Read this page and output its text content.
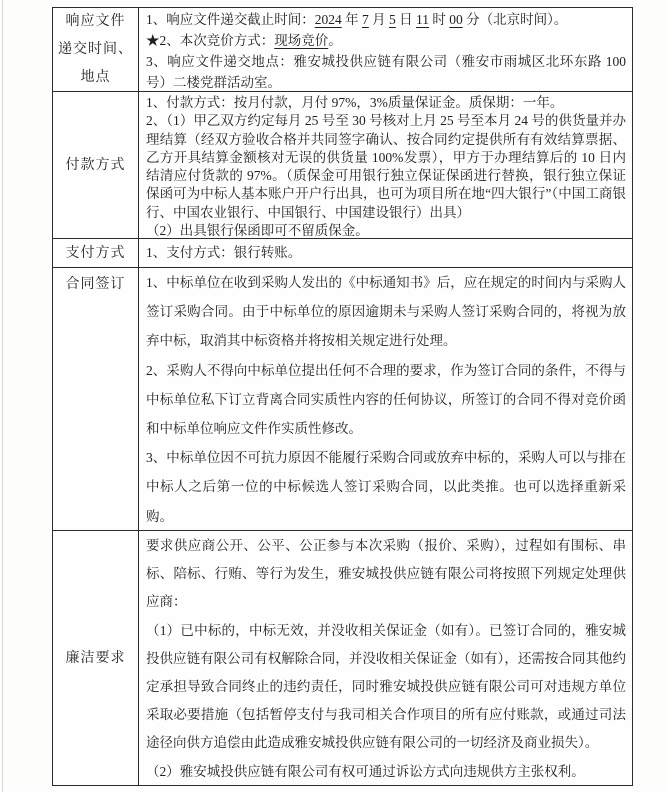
响应文件
递交时间、
地点

1、响应文件递交截止时间：2024 年 7 月 5 日 11 时 00 分（北京时间）。

★2、本次竞价方式：现场竞价。

3、响应文件递交地点：雅安城投供应链有限公司（雅安市雨城区北环东路 100 号）二楼党群活动室。

付款方式

1、付款方式：按月付款，月付 97%，3%质量保证金。质保期：一年。

2、（1）甲乙双方约定每月 25 号至 30 号核对上月 25 号至本月 24 号的供货量并办理结算（经双方验收合格并共同签字确认、按合同约定提供所有有效结算票据、乙方开具结算金额核对无误的供货量 100%发票），甲方于办理结算后的 10 日内结清应付货款的 97%。（质保金可用银行独立保证保函进行替换，银行独立保证保函可为中标人基本账户开户行出具，也可为项目所在地“四大银行”（中国工商银行、中国农业银行、中国银行、中国建设银行）出具）

（2）出具银行保函即可不留质保金。

支付方式 1、支付方式：银行转账。

合同签订 1、中标单位在收到采购人发出的《中标通知书》后，应在规定的时间内与采购人签订采购合同。由于中标单位的原因逾期未与采购人签订采购合同的，将视为放弃中标，取消其中标资格并将按相关规定进行处理。

2、采购人不得向中标单位提出任何不合理的要求，作为签订合同的条件，不得与中标单位私下订立背离合同实质性内容的任何协议，所签订的合同不得对竞价函和中标单位响应文件作实质性修改。

3、中标单位因不可抗力原因不能履行采购合同或放弃中标的，采购人可以与排在中标人之后第一位的中标候选人签订采购合同，以此类推。也可以选择重新采购。

廉洁要求

要求供应商公开、公平、公正参与本次采购（报价、采购），过程如有围标、串标、陪标、行贿、等行为发生，雅安城投供应链有限公司将按照下列规定处理供应商：

（1）已中标的，中标无效，并没收相关保证金（如有）。已签订合同的，雅安城投供应链有限公司有权解除合同，并没收相关保证金（如有），还需按合同其他约定承担导致合同终止的违约责任，同时雅安城投供应链有限公司可对违规方单位采取必要措施（包括暂停支付与我司相关合作项目的所有应付账款，或通过司法途径向供方追偿由此造成雅安城投供应链有限公司的一切经济及商业损失）。

（2）雅安城投供应链有限公司有权可通过诉讼方式向违规供方主张权利。
